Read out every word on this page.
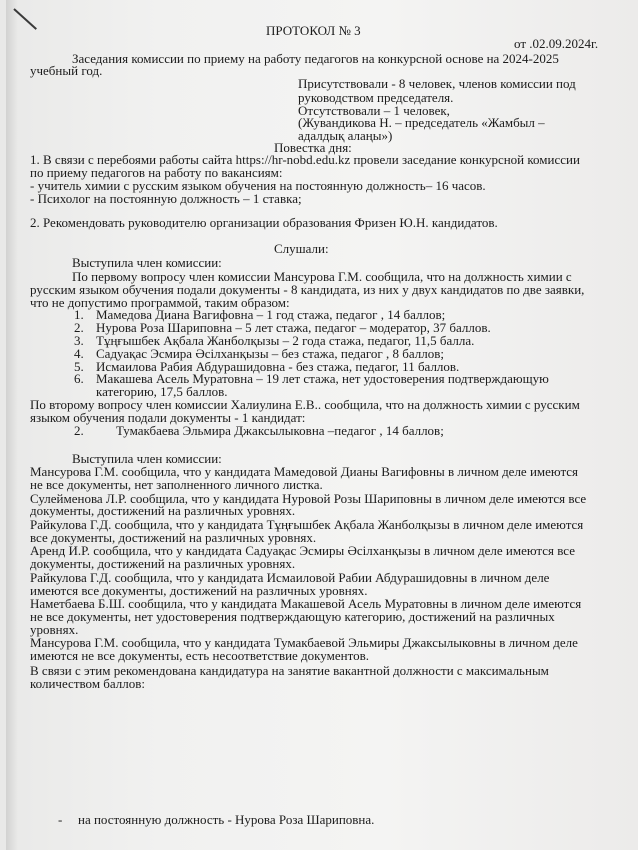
ПРОТОКОЛ № 3
от .02.09.2024г.
Заседания комиссии по приему на работу педагогов на конкурсной основе на 2024-2025
учебный год.
Присутствовали - 8 человек, членов комиссии под
руководством председателя.
Отсутствовали – 1 человек,
(Жувандикова Н. – председатель «Жамбыл –
адалдық алаңы»)
Повестка дня:
1. В связи с перебоями работы сайта https://hr-nobd.edu.kz провели заседание конкурсной комиссии
по приему педагогов на работу по вакансиям:
- учитель химии с русским языком обучения на постоянную должность– 16 часов.
- Психолог на постоянную должность – 1 ставка;
2. Рекомендовать руководителю организации образования Фризен Ю.Н. кандидатов.
Слушали:
Выступила член комиссии:
По первому вопросу член комиссии Мансурова Г.М. сообщила, что на должность химии с
русским языком обучения подали документы - 8 кандидата, из них у двух кандидатов по две заявки,
что не допустимо программой, таким образом:
1. Мамедова Диана Вагифовна – 1 год стажа, педагог , 14 баллов;
2. Нурова Роза Шариповна – 5 лет стажа, педагог – модератор, 37 баллов.
3. Тұңғышбек Ақбала Жанболқызы – 2 года стажа, педагог, 11,5 балла.
4. Садуақас Эсмира Әсілханқызы – без стажа, педагог , 8 баллов;
5. Исмаилова Рабия Абдурашидовна - без стажа, педагог, 11 баллов.
6. Макашева Асель Муратовна – 19 лет стажа, нет удостоверения подтверждающую
категорию, 17,5 баллов.
По второму вопросу член комиссии Халиулина Е.В.. сообщила, что на должность химии с русским
языком обучения подали документы - 1 кандидат:
2. Тумакбаева Эльмира Джаксылыковна –педагог , 14 баллов;
Выступила член комиссии:
Мансурова Г.М. сообщила, что у кандидата Мамедовой Дианы Вагифовны в личном деле имеются
не все документы, нет заполненного личного листка.
Сулейменова Л.Р. сообщила, что у кандидата Нуровой Розы Шариповны в личном деле имеются все
документы, достижений на различных уровнях.
Райкулова Г.Д. сообщила, что у кандидата Тұңғышбек Ақбала Жанболқызы в личном деле имеются
все документы, достижений на различных уровнях.
Аренд И.Р. сообщила, что у кандидата Садуақас Эсмиры Әсілханқызы в личном деле имеются все
документы, достижений на различных уровнях.
Райкулова Г.Д. сообщила, что у кандидата Исмаиловой Рабии Абдурашидовны в личном деле
имеются все документы, достижений на различных уровнях.
Наметбаева Б.Ш. сообщила, что у кандидата Макашевой Асель Муратовны в личном деле имеются
не все документы, нет удостоверения подтверждающую категорию, достижений на различных
уровнях.
Мансурова Г.М. сообщила, что у кандидата Тумакбаевой Эльмиры Джаксылыковны в личном деле
имеются не все документы, есть несоответствие документов.
В связи с этим рекомендована кандидатура на занятие вакантной должности с максимальным
количеством баллов:
- на постоянную должность - Нурова Роза Шариповна.
